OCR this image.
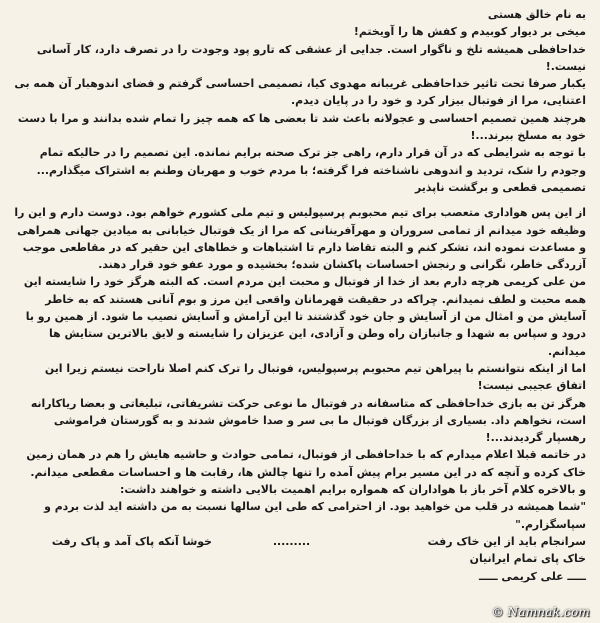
به نام خالق هستی

میخی بر دیوار کوبیدم و کفش ها را آویختم!

خداحافظی همیشه تلخ و ناگوار است. جدایی از عشقی که تارو پود وجودت را در تصرف دارد، کار آسانی نیست.!

یکبار صرفا تحت تاثیر خداحافظی غریبانه مهدوی کیا، تصمیمی احساسی گرفتم و فضای اندوهبار آن همه بی اعتنایی، مرا از فوتبال بیزار کرد و خود را در پایان دیدم.

هرچند همین تصمیم احساسی و عجولانه باعث شد تا بعضی ها که همه چیز را تمام شده بدانند و مرا با دست خود به مسلخ ببرند...!

با توجه به شرایطی که در آن قرار دارم، راهی جز ترک صحنه برایم نمانده. این تصمیم را در حالیکه تمام وجودم را شک، تردید و اندوهی ناشناخته فرا گرفته؛ با مردم خوب و مهربان وطنم به اشتراک میگذارم... تصمیمی قطعی و برگشت ناپذیر

از این پس هواداری متعصب برای تیم محبوبم پرسپولیس و تیم ملی کشورم خواهم بود. دوست دارم و این را وظیفه خود میدانم از تمامی سروران و مهرآفرینانی که مرا از یک فوتبال خیابانی به میادین جهانی همراهی و مساعدت نموده اند، تشکر کنم و البته تقاضا دارم تا اشتباهات و خطاهای این حقیر که در مقاطعی موجب آزردگی خاطر، نگرانی و رنجش احساسات پاکشان شده؛ بخشیده و مورد عفو خود قرار دهند.

من علی کریمی هرچه دارم بعد از خدا از فوتبال و محبت این مردم است. که البته هرگز خود را شایسته این همه محبت و لطف نمیدانم. چراکه در حقیقت قهرمانان واقعی این مرز و بوم آنانی هستند که به خاطر آسایش من و امثال من از آسایش و جان خود گذشتند تا این آرامش و آسایش نصیب ما شود. از همین رو با درود و سپاس به شهدا و جانبازان راه وطن و آزادی، این عزیزان را شایسته و لایق بالاترین ستایش ها میدانم.

اما از اینکه نتوانستم با پیراهن تیم محبوبم پرسپولیس، فوتبال را ترک کنم اصلا ناراحت نیستم زیرا این اتفاق عجیبی نیست!

هرگز تن به بازی خداحافظی که متاسفانه در فوتبال ما نوعی حرکت تشریفاتی، تبلیغاتی و بعضا ریاکارانه است، نخواهم داد. بسیاری از بزرگان فوتبال ما بی سر و صدا خاموش شدند و به گورستان فراموشی رهسپار گردیدند...!

در خاتمه قبلا اعلام میدارم که با خداحافظی از فوتبال، تمامی حوادث و حاشیه هایش را هم در همان زمین خاک کرده و آنچه که در این مسیر برام پیش آمده را تنها چالش ها، رقابت ها و احساسات مقطعی میدانم.

و بالاخره کلام آخر باز با هواداران که همواره برایم اهمیت بالایی داشته و خواهند داشت:

"شما همیشه در قلب من خواهید بود. از احترامی که طی این سالها نسبت به من داشته اید لذت بردم و سپاسگزارم."

سرانجام باید از این خاک رفت
.........
خوشا آنکه پاک آمد و پاک رفت

خاک پای تمام ایرانیان

ـــــ علی کریمی ـــــ

© Namnak.com
